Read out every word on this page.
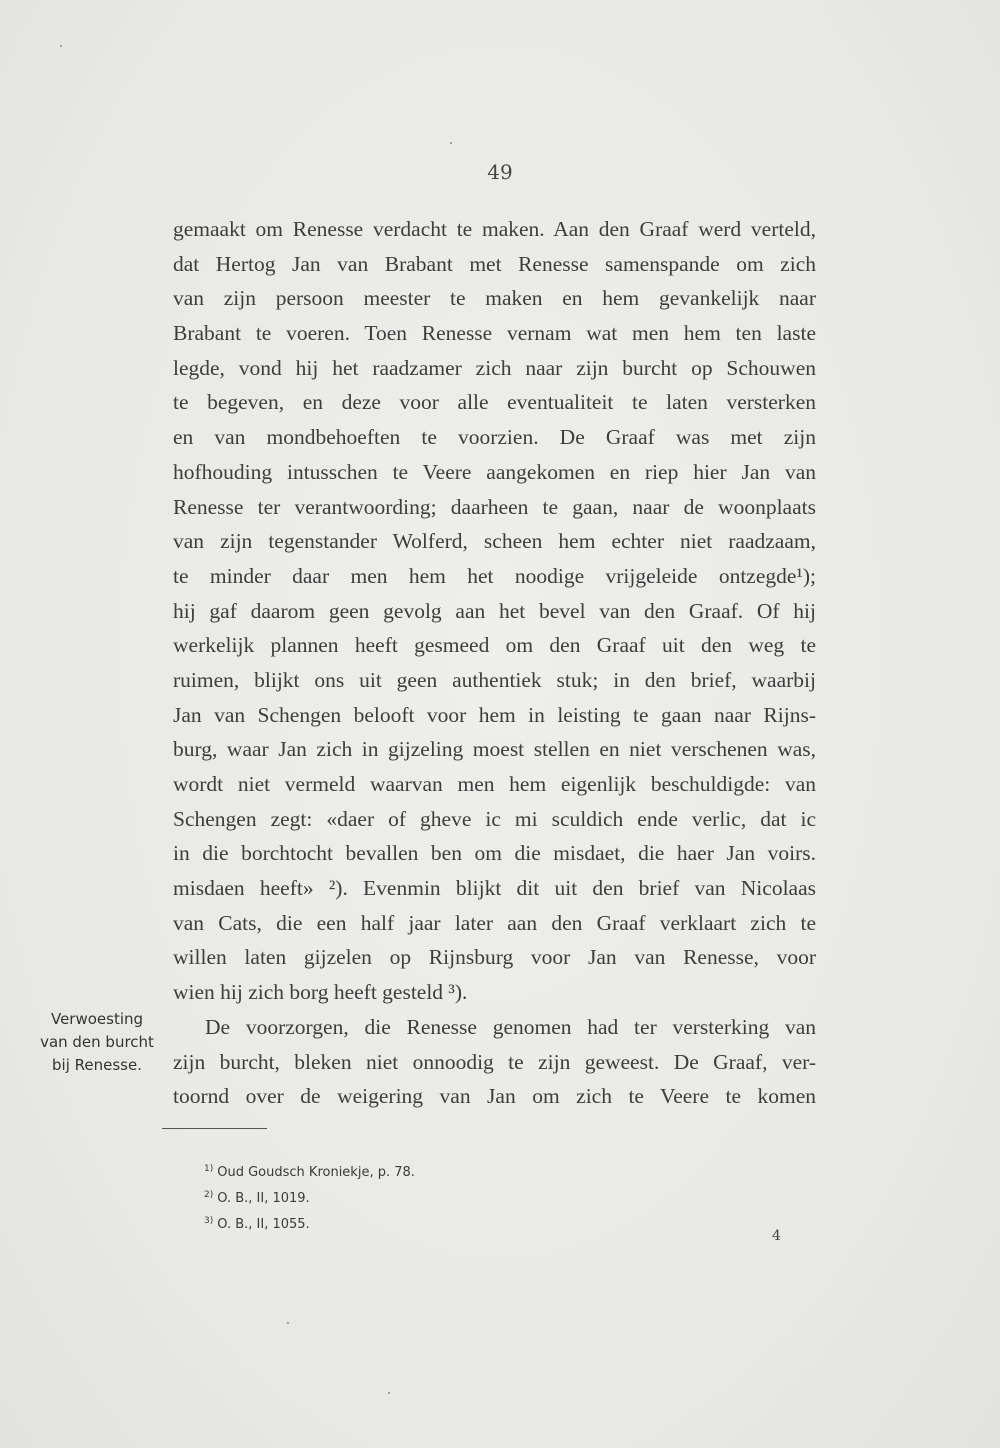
49
gemaakt om Renesse verdacht te maken. Aan den Graaf werd verteld,
dat Hertog Jan van Brabant met Renesse samenspande om zich
van zijn persoon meester te maken en hem gevankelijk naar
Brabant te voeren. Toen Renesse vernam wat men hem ten laste
legde, vond hij het raadzamer zich naar zijn burcht op Schouwen
te begeven, en deze voor alle eventualiteit te laten versterken
en van mondbehoeften te voorzien. De Graaf was met zijn
hofhouding intusschen te Veere aangekomen en riep hier Jan van
Renesse ter verantwoording; daarheen te gaan, naar de woonplaats
van zijn tegenstander Wolferd, scheen hem echter niet raadzaam,
te minder daar men hem het noodige vrijgeleide ontzegde¹);
hij gaf daarom geen gevolg aan het bevel van den Graaf. Of hij
werkelijk plannen heeft gesmeed om den Graaf uit den weg te
ruimen, blijkt ons uit geen authentiek stuk; in den brief, waarbij
Jan van Schengen belooft voor hem in leisting te gaan naar Rijns-
burg, waar Jan zich in gijzeling moest stellen en niet verschenen was,
wordt niet vermeld waarvan men hem eigenlijk beschuldigde: van
Schengen zegt: «daer of gheve ic mi sculdich ende verlic, dat ic
in die borchtocht bevallen ben om die misdaet, die haer Jan voirs.
misdaen heeft» ²). Evenmin blijkt dit uit den brief van Nicolaas
van Cats, die een half jaar later aan den Graaf verklaart zich te
willen laten gijzelen op Rijnsburg voor Jan van Renesse, voor
wien hij zich borg heeft gesteld ³).
De voorzorgen, die Renesse genomen had ter versterking van
zijn burcht, bleken niet onnoodig te zijn geweest. De Graaf, ver-
toornd over de weigering van Jan om zich te Veere te komen
Verwoesting
van den burcht
bij Renesse.
$^{1)}$ Oud Goudsch Kroniekje, p. 78.
$^{2)}$ O. B., II, 1019.
$^{3)}$ O. B., II, 1055.
4
